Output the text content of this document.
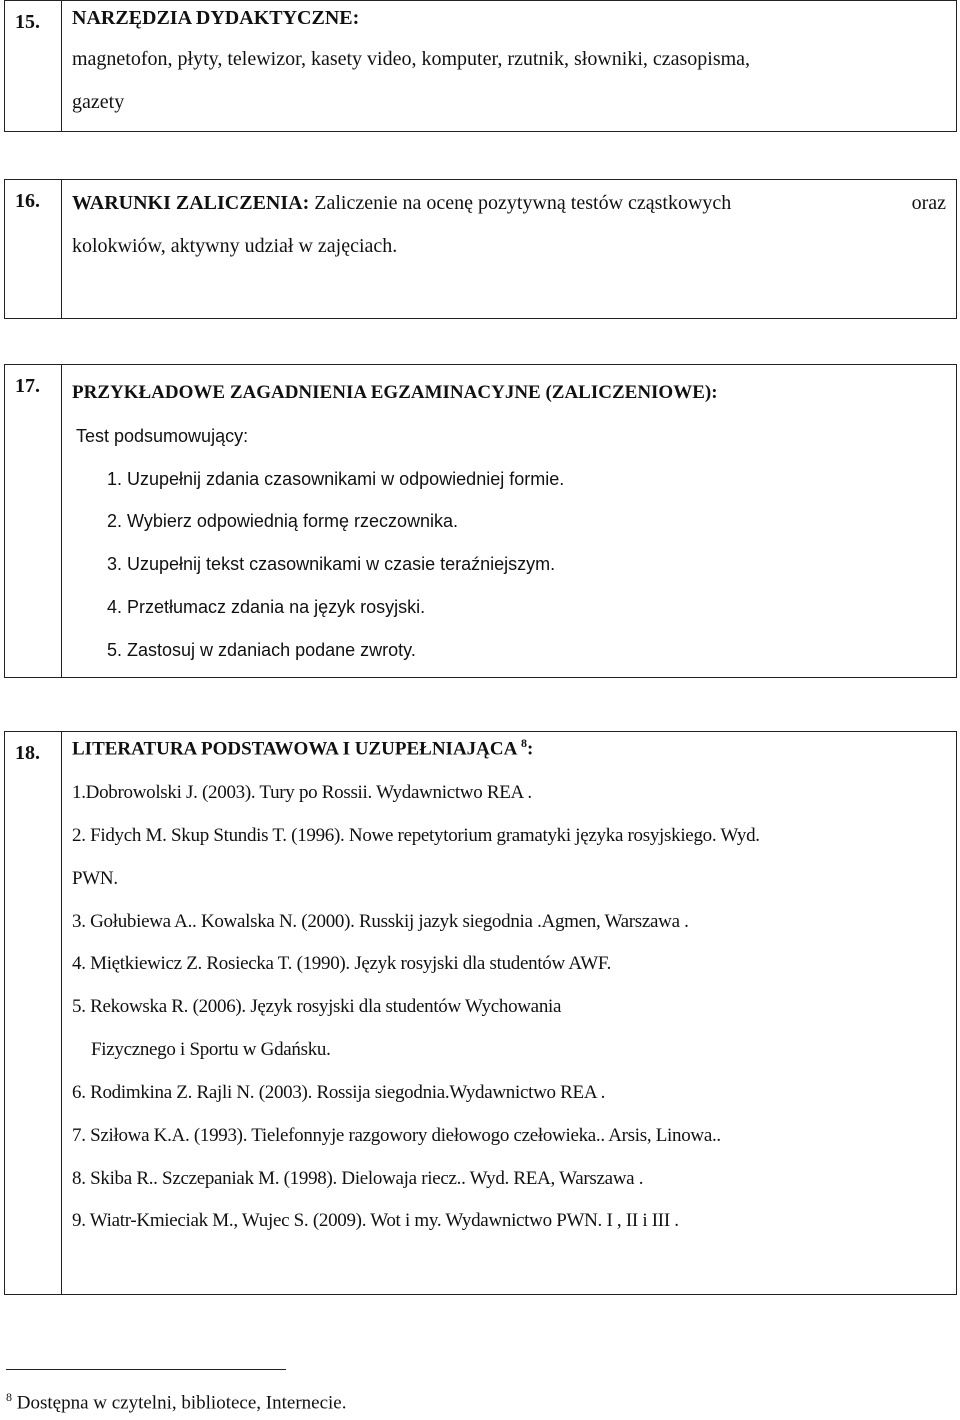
15.	NARZĘDZIA DYDAKTYCZNE:
magnetofon, płyty, telewizor, kasety video, komputer, rzutnik, słowniki, czasopisma,
gazety
16.	WARUNKI ZALICZENIA: Zaliczenie na ocenę pozytywną testów cząstkowych	oraz
kolokwiów, aktywny udział w zajęciach.
17.	PRZYKŁADOWE ZAGADNIENIA EGZAMINACYJNE (ZALICZENIOWE):
Test podsumowujący:
1. Uzupełnij zdania czasownikami w odpowiedniej formie.
2. Wybierz odpowiednią formę rzeczownika.
3. Uzupełnij tekst czasownikami w czasie teraźniejszym.
4. Przetłumacz zdania na język rosyjski.
5. Zastosuj w zdaniach podane zwroty.
18.	LITERATURA PODSTAWOWA I UZUPEŁNIAJĄCA $^8$:
1.Dobrowolski J. (2003). Tury po Rossii. Wydawnictwo REA .
2. Fidych M. Skup Stundis T. (1996). Nowe repetytorium gramatyki języka rosyjskiego. Wyd.
PWN.
3. Gołubiewa A.. Kowalska N. (2000). Russkij jazyk siegodnia .Agmen, Warszawa .
4. Miętkiewicz Z. Rosiecka T. (1990). Język rosyjski dla studentów AWF.
5. Rekowska R. (2006). Język rosyjski dla studentów Wychowania
Fizycznego i Sportu w Gdańsku.
6. Rodimkina Z. Rajli N. (2003). Rossija siegodnia.Wydawnictwo REA .
7. Sziłowa K.A. (1993). Tielefonnyje razgowory diełowogo czełowieka.. Arsis, Linowa..
8. Skiba R.. Szczepaniak M. (1998). Dielowaja riecz.. Wyd. REA, Warszawa .
9. Wiatr-Kmieciak M., Wujec S. (2009). Wot i my. Wydawnictwo PWN. I , II i III .
$^8$ Dostępna w czytelni, bibliotece, Internecie.
